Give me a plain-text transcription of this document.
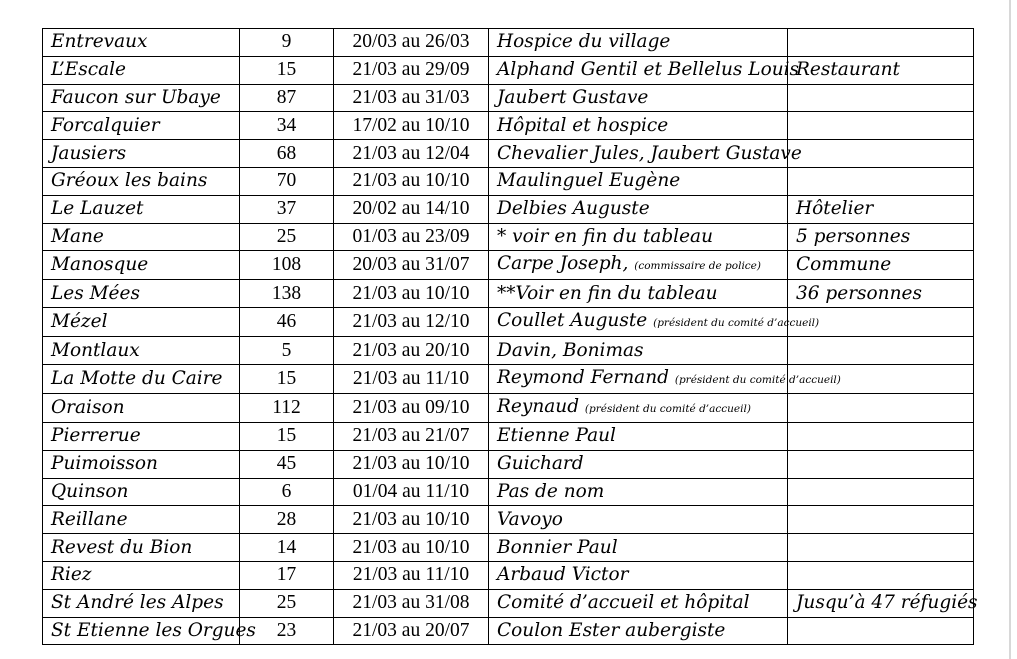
Entrevaux	9	20/03 au 26/03	Hospice du village	
L’Escale	15	21/03 au 29/09	Alphand Gentil et Bellelus Louis	Restaurant
Faucon sur Ubaye	87	21/03 au 31/03	Jaubert Gustave	
Forcalquier	34	17/02 au 10/10	Hôpital et hospice	
Jausiers	68	21/03 au 12/04	Chevalier Jules, Jaubert Gustave	
Gréoux les bains	70	21/03 au 10/10	Maulinguel Eugène	
Le Lauzet	37	20/02 au 14/10	Delbies Auguste	Hôtelier
Mane	25	01/03 au 23/09	* voir en fin du tableau	5 personnes
Manosque	108	20/03 au 31/07	Carpe Joseph, (commissaire de police)	Commune
Les Mées	138	21/03 au 10/10	**Voir en fin du tableau	36 personnes
Mézel	46	21/03 au 12/10	Coullet Auguste (président du comité d’accueil)	
Montlaux	5	21/03 au 20/10	Davin, Bonimas	
La Motte du Caire	15	21/03 au 11/10	Reymond Fernand (président du comité d’accueil)	
Oraison	112	21/03 au 09/10	Reynaud (président du comité d’accueil)	
Pierrerue	15	21/03 au 21/07	Etienne Paul	
Puimoisson	45	21/03 au 10/10	Guichard	
Quinson	6	01/04 au 11/10	Pas de nom	
Reillane	28	21/03 au 10/10	Vavoyo	
Revest du Bion	14	21/03 au 10/10	Bonnier Paul	
Riez	17	21/03 au 11/10	Arbaud Victor	
St André les Alpes	25	21/03 au 31/08	Comité d’accueil et hôpital	Jusqu’à 47 réfugiés
St Etienne les Orgues	23	21/03 au 20/07	Coulon Ester aubergiste	
